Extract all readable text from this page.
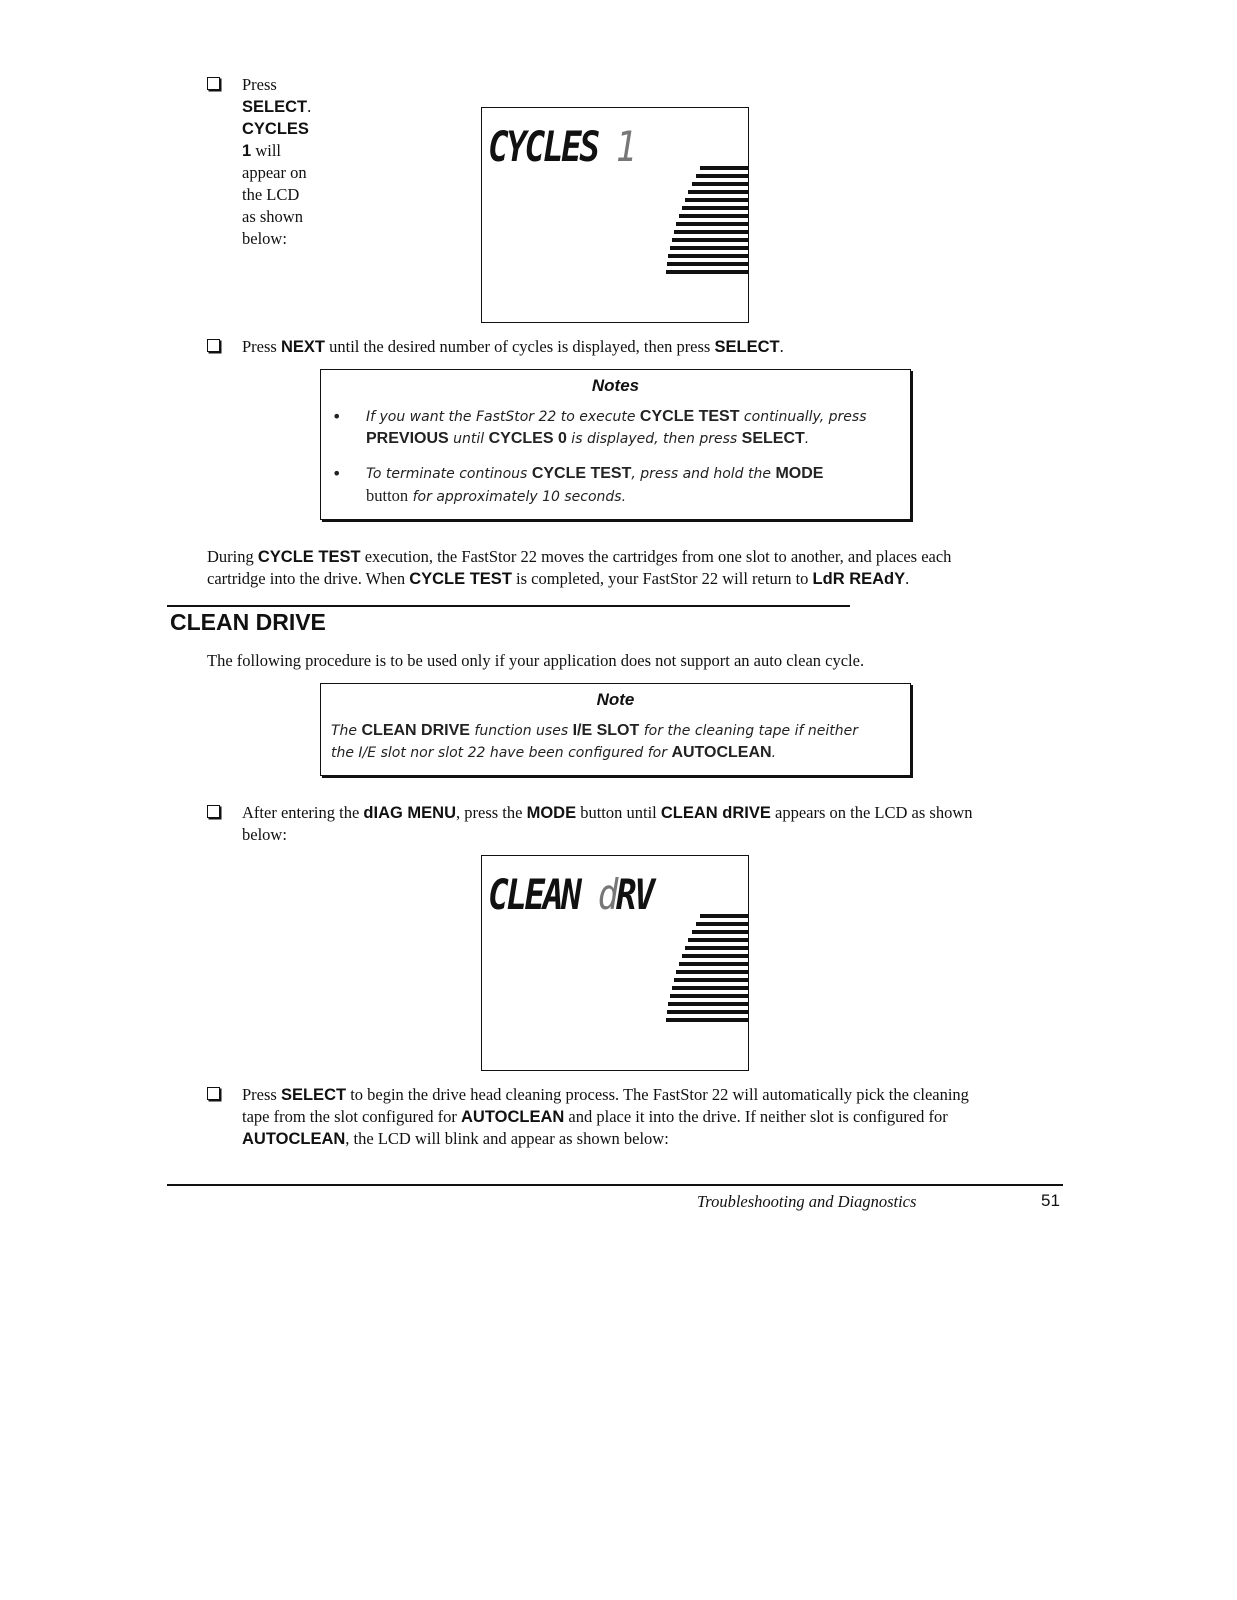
Press SELECT. CYCLES 1 will appear on the LCD as shown below:
CYCLES 1
Press NEXT until the desired number of cycles is displayed, then press SELECT.
Notes
• If you want the FastStor 22 to execute CYCLE TEST continually, press
PREVIOUS until CYCLES 0 is displayed, then press SELECT.
• To terminate continous CYCLE TEST, press and hold the MODE
button for approximately 10 seconds.
During CYCLE TEST execution, the FastStor 22 moves the cartridges from one slot to another, and places each
cartridge into the drive. When CYCLE TEST is completed, your FastStor 22 will return to LdR REAdY.
CLEAN DRIVE
The following procedure is to be used only if your application does not support an auto clean cycle.
Note
The CLEAN DRIVE function uses I/E SLOT for the cleaning tape if neither
the I/E slot nor slot 22 have been configured for AUTOCLEAN.
After entering the dIAG MENU, press the MODE button until CLEAN dRIVE appears on the LCD as shown
below:
CLEAN dRV
Press SELECT to begin the drive head cleaning process. The FastStor 22 will automatically pick the cleaning
tape from the slot configured for AUTOCLEAN and place it into the drive. If neither slot is configured for
AUTOCLEAN, the LCD will blink and appear as shown below:
Troubleshooting and Diagnostics	51
